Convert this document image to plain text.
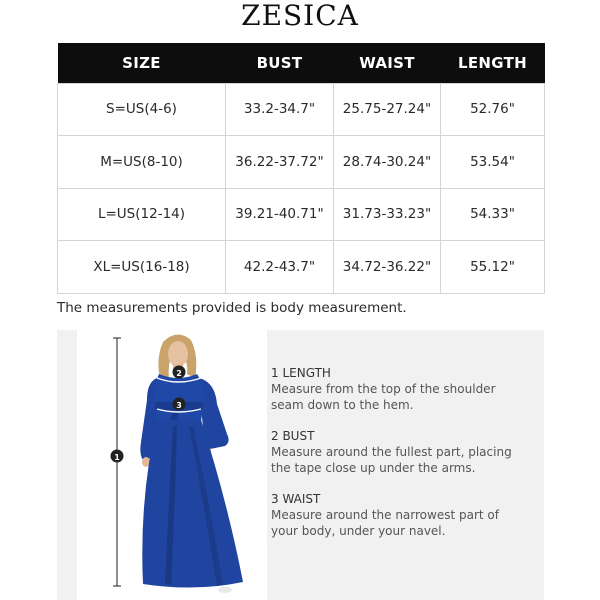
ZESICA
SIZE	BUST	WAIST	LENGTH
S=US(4-6)	33.2-34.7"	25.75-27.24"	52.76"
M=US(8-10)	36.22-37.72"	28.74-30.24"	53.54"
L=US(12-14)	39.21-40.71"	31.73-33.23"	54.33"
XL=US(16-18)	42.2-43.7"	34.72-36.22"	55.12"
The measurements provided is body measurement.
1
2
3
1 LENGTH
Measure from the top of the shoulder
seam down to the hem.
2 BUST
Measure around the fullest part, placing
the tape close up under the arms.
3 WAIST
Measure around the narrowest part of
your body, under your navel.
